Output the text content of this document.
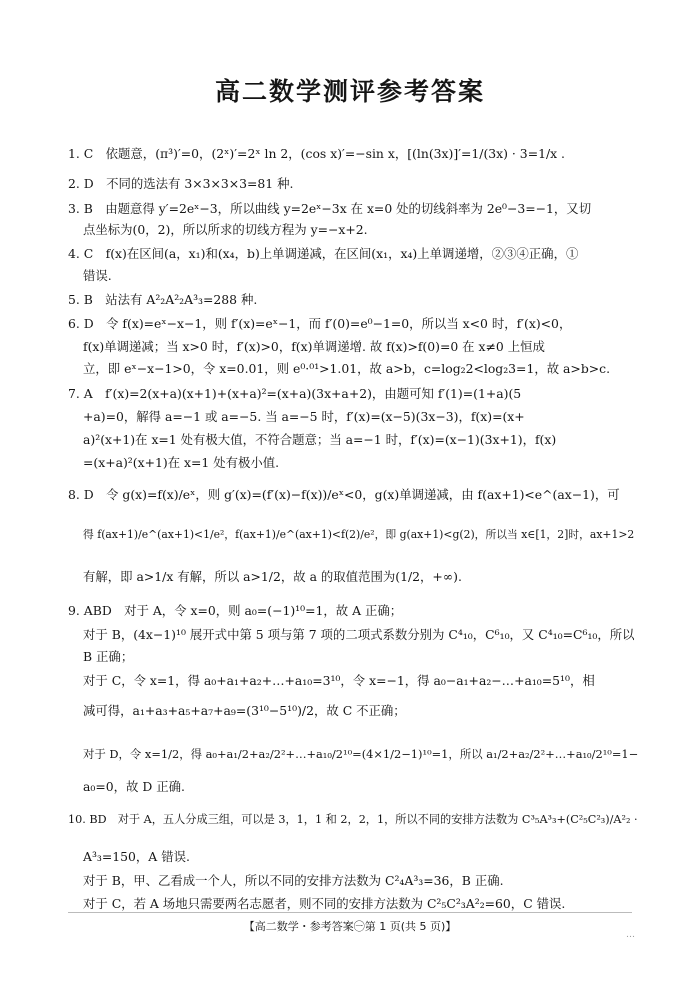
高二数学测评参考答案
1. C　依题意，(π³)′=0，(2ˣ)′=2ˣ ln 2，(cos x)′=−sin x，[(ln(3x)]′=1/(3x) · 3=1/x .
2. D　不同的选法有 3×3×3×3=81 种.
3. B　由题意得 y′=2eˣ−3，所以曲线 y=2eˣ−3x 在 x=0 处的切线斜率为 2e⁰−3=−1，又切
点坐标为(0，2)，所以所求的切线方程为 y=−x+2.
4. C　f(x)在区间(a，x₁)和(x₄，b)上单调递减，在区间(x₁，x₄)上单调递增，②③④正确，①
错误.
5. B　站法有 A²₂A²₂A³₃=288 种.
6. D　令 f(x)=eˣ−x−1，则 f′(x)=eˣ−1，而 f′(0)=e⁰−1=0，所以当 x<0 时，f′(x)<0，
f(x)单调递减；当 x>0 时，f′(x)>0，f(x)单调递增. 故 f(x)>f(0)=0 在 x≠0 上恒成
立，即 eˣ−x−1>0，令 x=0.01，则 e⁰·⁰¹>1.01，故 a>b，c=log₂2<log₂3=1，故 a>b>c.
7. A　f′(x)=2(x+a)(x+1)+(x+a)²=(x+a)(3x+a+2)，由题可知 f′(1)=(1+a)(5
+a)=0，解得 a=−1 或 a=−5. 当 a=−5 时，f′(x)=(x−5)(3x−3)，f(x)=(x+
a)²(x+1)在 x=1 处有极大值，不符合题意；当 a=−1 时，f′(x)=(x−1)(3x+1)，f(x)
=(x+a)²(x+1)在 x=1 处有极小值.
8. D　令 g(x)=f(x)/eˣ，则 g′(x)=(f′(x)−f(x))/eˣ<0，g(x)单调递减，由 f(ax+1)<e^(ax−1)，可
得 f(ax+1)/e^(ax+1)<1/e²，f(ax+1)/e^(ax+1)<f(2)/e²，即 g(ax+1)<g(2)，所以当 x∈[1，2]时，ax+1>2
有解，即 a>1/x 有解，所以 a>1/2，故 a 的取值范围为(1/2，+∞).
9. ABD　对于 A，令 x=0，则 a₀=(−1)¹⁰=1，故 A 正确；
对于 B，(4x−1)¹⁰ 展开式中第 5 项与第 7 项的二项式系数分别为 C⁴₁₀，C⁶₁₀，又 C⁴₁₀=C⁶₁₀，所以
B 正确；
对于 C，令 x=1，得 a₀+a₁+a₂+…+a₁₀=3¹⁰，令 x=−1，得 a₀−a₁+a₂−…+a₁₀=5¹⁰，相
减可得，a₁+a₃+a₅+a₇+a₉=(3¹⁰−5¹⁰)/2，故 C 不正确；
对于 D，令 x=1/2，得 a₀+a₁/2+a₂/2²+…+a₁₀/2¹⁰=(4×1/2−1)¹⁰=1，所以 a₁/2+a₂/2²+…+a₁₀/2¹⁰=1−
a₀=0，故 D 正确.
10. BD　对于 A，五人分成三组，可以是 3，1，1 和 2，2，1，所以不同的安排方法数为 C³₅A³₃+(C²₅C²₃)/A²₂ ·
A³₃=150，A 错误.
对于 B，甲、乙看成一个人，所以不同的安排方法数为 C²₄A³₃=36，B 正确.
对于 C，若 A 场地只需要两名志愿者，则不同的安排方法数为 C²₅C²₃A²₂=60，C 错误.
【高二数学・参考答案㊀第 1 页(共 5 页)】
…
